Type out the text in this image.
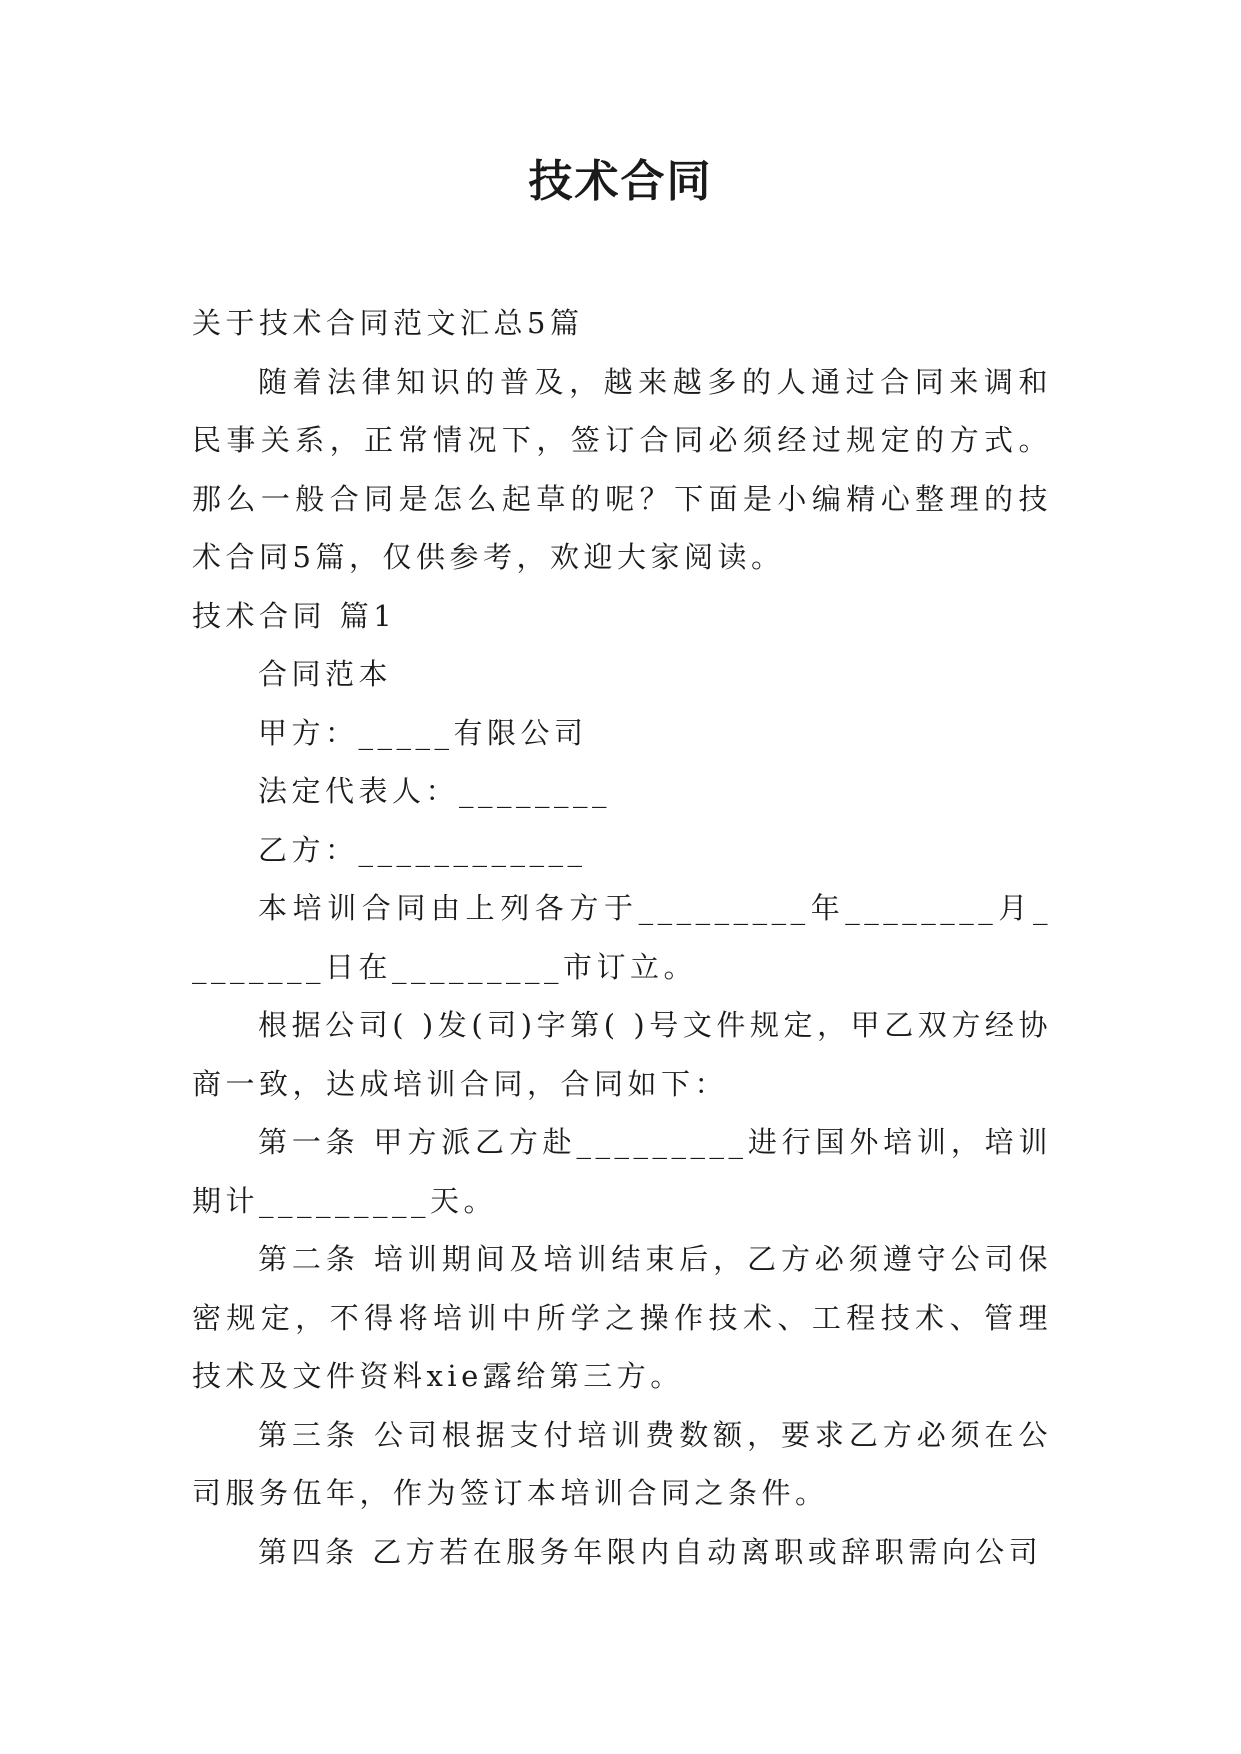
技术合同

关于技术合同范文汇总5篇

随着法律知识的普及，越来越多的人通过合同来调和民事关系，正常情况下，签订合同必须经过规定的方式。那么一般合同是怎么起草的呢？下面是小编精心整理的技术合同5篇，仅供参考，欢迎大家阅读。

技术合同 篇1

合同范本

甲方：_____有限公司

法定代表人：________

乙方：____________

本培训合同由上列各方于_________年________月________日在_________市订立。

根据公司( )发(司)字第( )号文件规定，甲乙双方经协商一致，达成培训合同，合同如下：

第一条 甲方派乙方赴_________进行国外培训，培训期计_________天。

第二条 培训期间及培训结束后，乙方必须遵守公司保密规定，不得将培训中所学之操作技术、工程技术、管理技术及文件资料xie露给第三方。

第三条 公司根据支付培训费数额，要求乙方必须在公司服务伍年，作为签订本培训合同之条件。

第四条 乙方若在服务年限内自动离职或辞职需向公司
